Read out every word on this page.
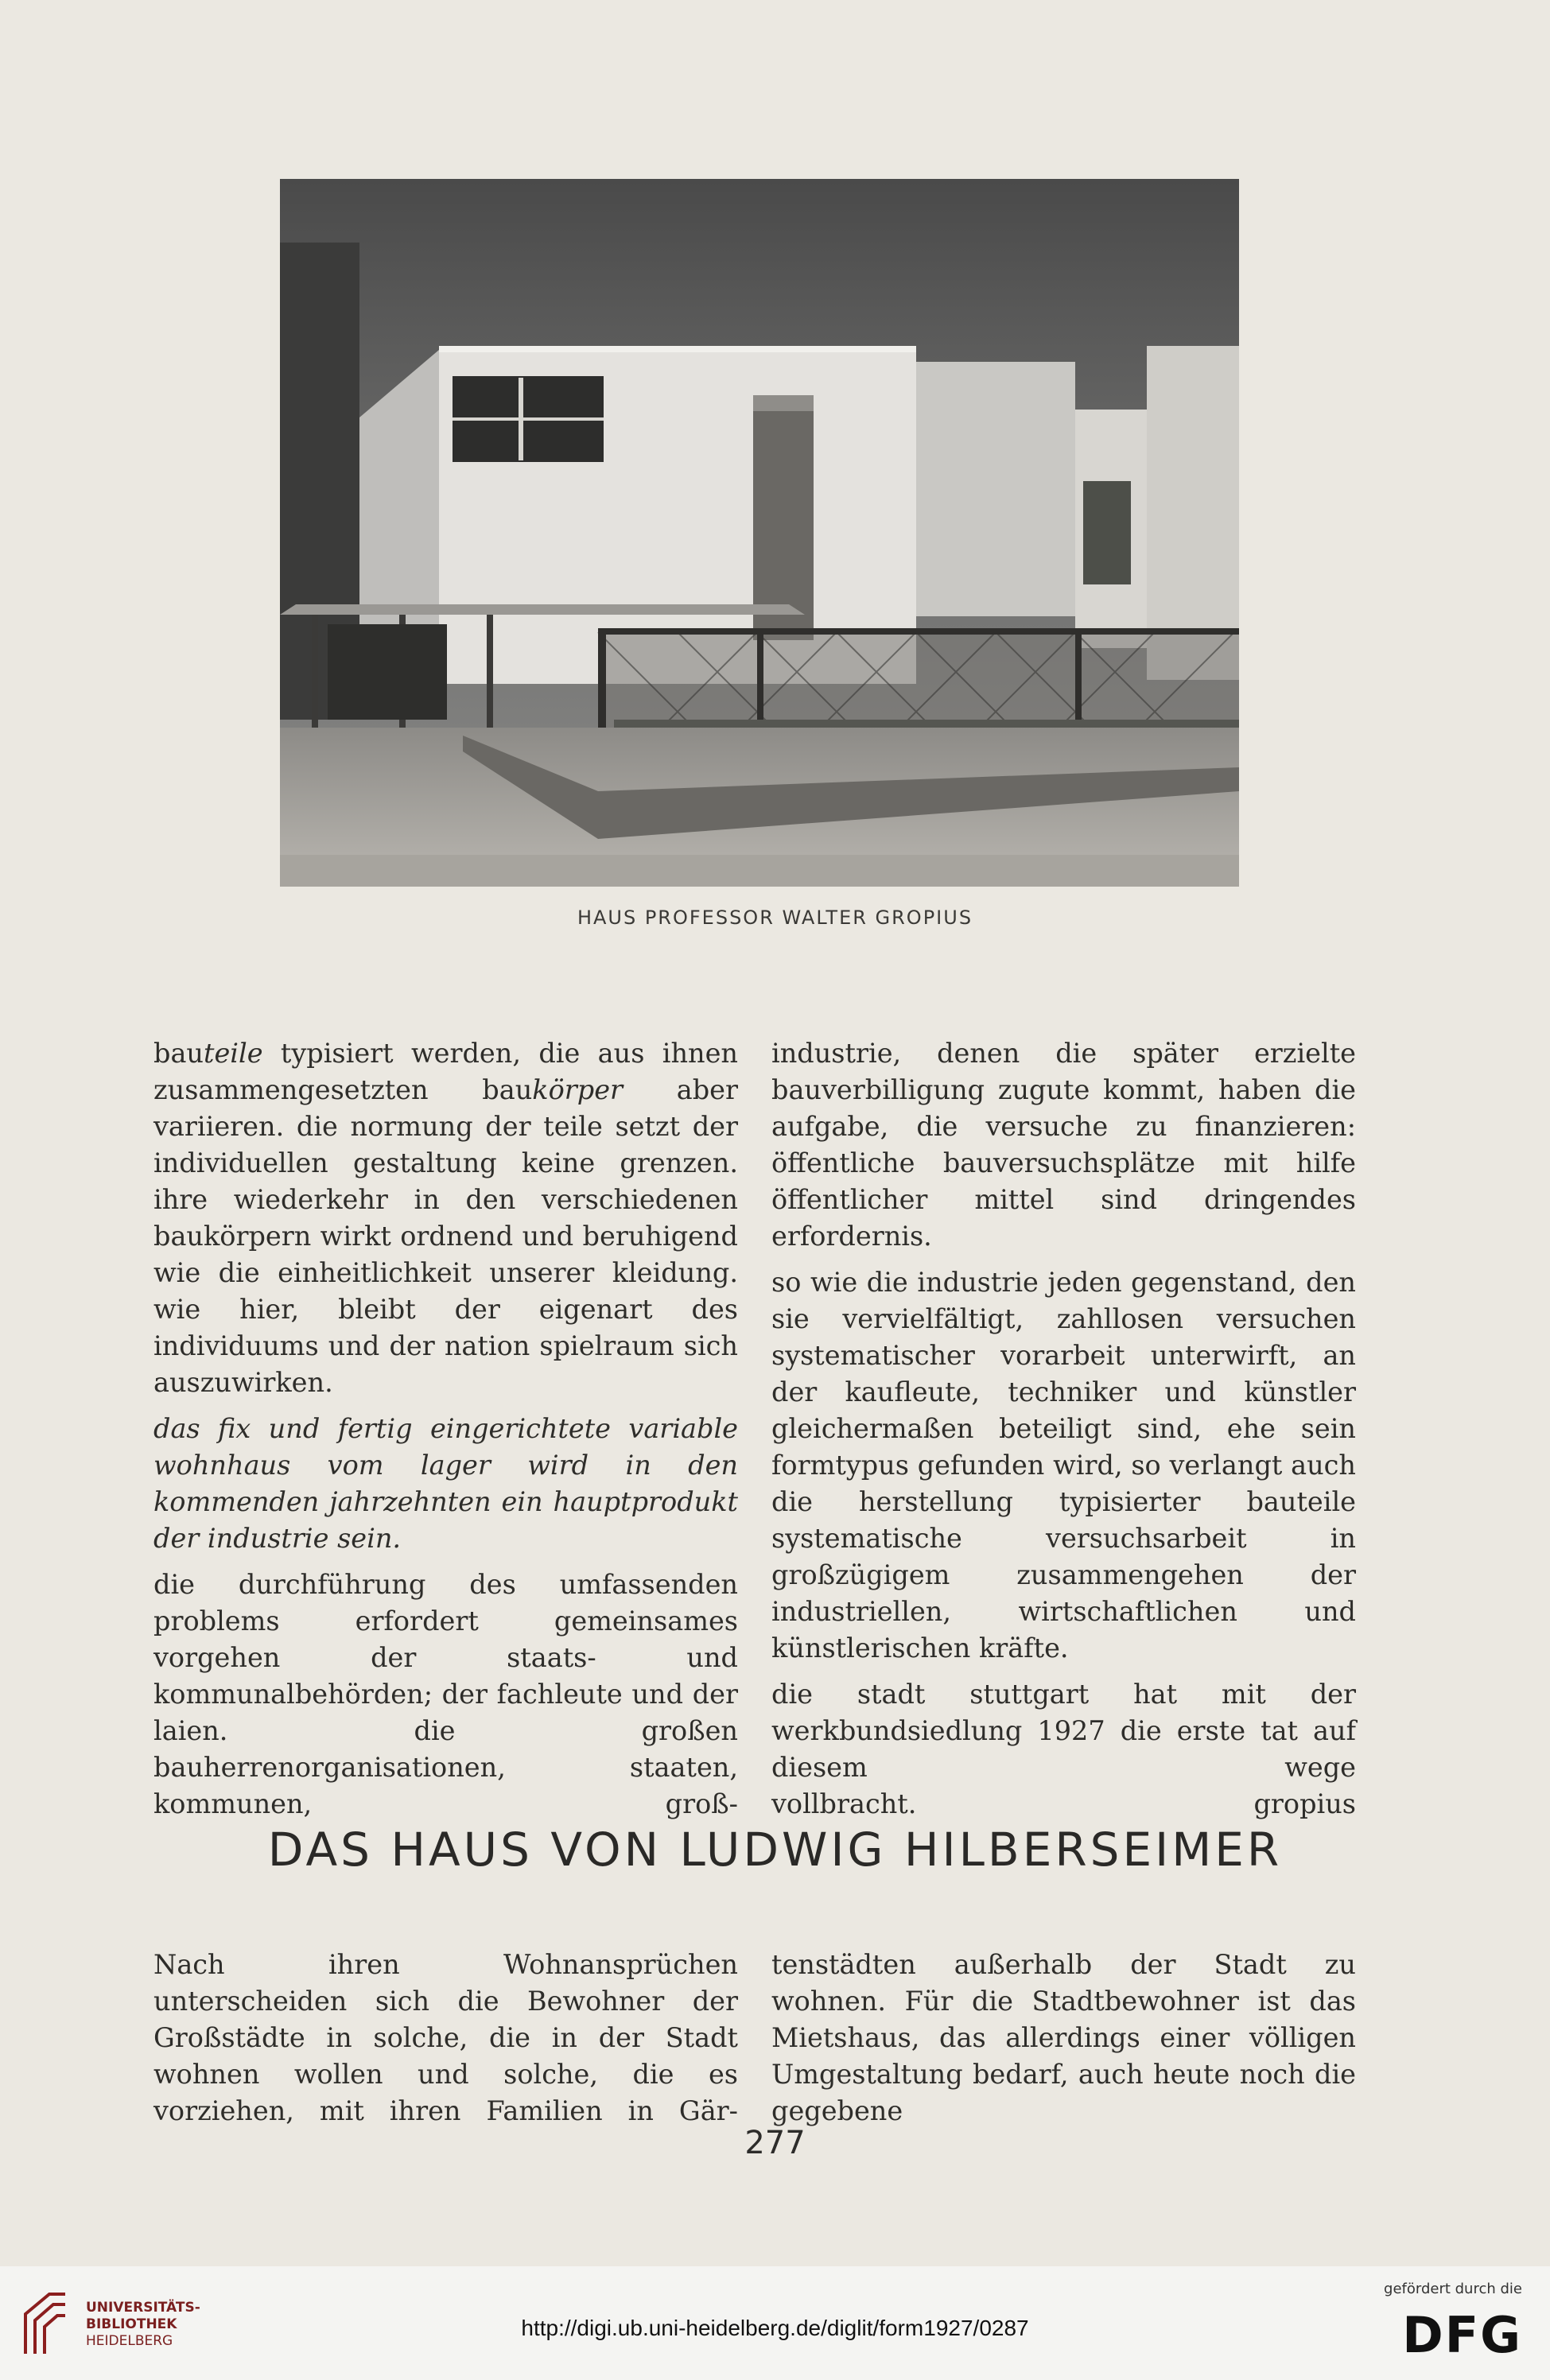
HAUS PROFESSOR WALTER GROPIUS

bauteile typisiert werden, die aus ihnen zusammengesetzten baukörper aber variieren. die normung der teile setzt der individuellen gestaltung keine grenzen. ihre wiederkehr in den verschiedenen baukörpern wirkt ordnend und beruhigend wie die einheitlichkeit unserer kleidung. wie hier, bleibt der eigenart des individuums und der nation spielraum sich auszuwirken.

das fix und fertig eingerichtete variable wohnhaus vom lager wird in den kommenden jahrzehnten ein hauptprodukt der industrie sein.

die durchführung des umfassenden problems erfordert gemeinsames vorgehen der staats- und kommunalbehörden; der fachleute und der laien. die großen bauherrenorganisationen, staaten, kommunen, groß-

industrie, denen die später erzielte bauverbilligung zugute kommt, haben die aufgabe, die versuche zu finanzieren: öffentliche bauversuchsplätze mit hilfe öffentlicher mittel sind dringendes erfordernis.

so wie die industrie jeden gegenstand, den sie vervielfältigt, zahllosen versuchen systematischer vorarbeit unterwirft, an der kaufleute, techniker und künstler gleichermaßen beteiligt sind, ehe sein formtypus gefunden wird, so verlangt auch die herstellung typisierter bauteile systematische versuchsarbeit in großzügigem zusammengehen der industriellen, wirtschaftlichen und künstlerischen kräfte.

die stadt stuttgart hat mit der werkbundsiedlung 1927 die erste tat auf diesem wege

vollbracht.	gropius
DAS HAUS VON LUDWIG HILBERSEIMER

Nach ihren Wohnansprüchen unterscheiden sich die Bewohner der Großstädte in solche, die in der Stadt wohnen wollen und solche, die es vorziehen, mit ihren Familien in Gär-

tenstädten außerhalb der Stadt zu wohnen. Für die Stadtbewohner ist das Mietshaus, das allerdings einer völligen Umgestaltung bedarf, auch heute noch die gegebene

277
UNIVERSITÄTS-
BIBLIOTHEK
HEIDELBERG
http://digi.ub.uni-heidelberg.de/diglit/form1927/0287
gefördert durch die
DFG
